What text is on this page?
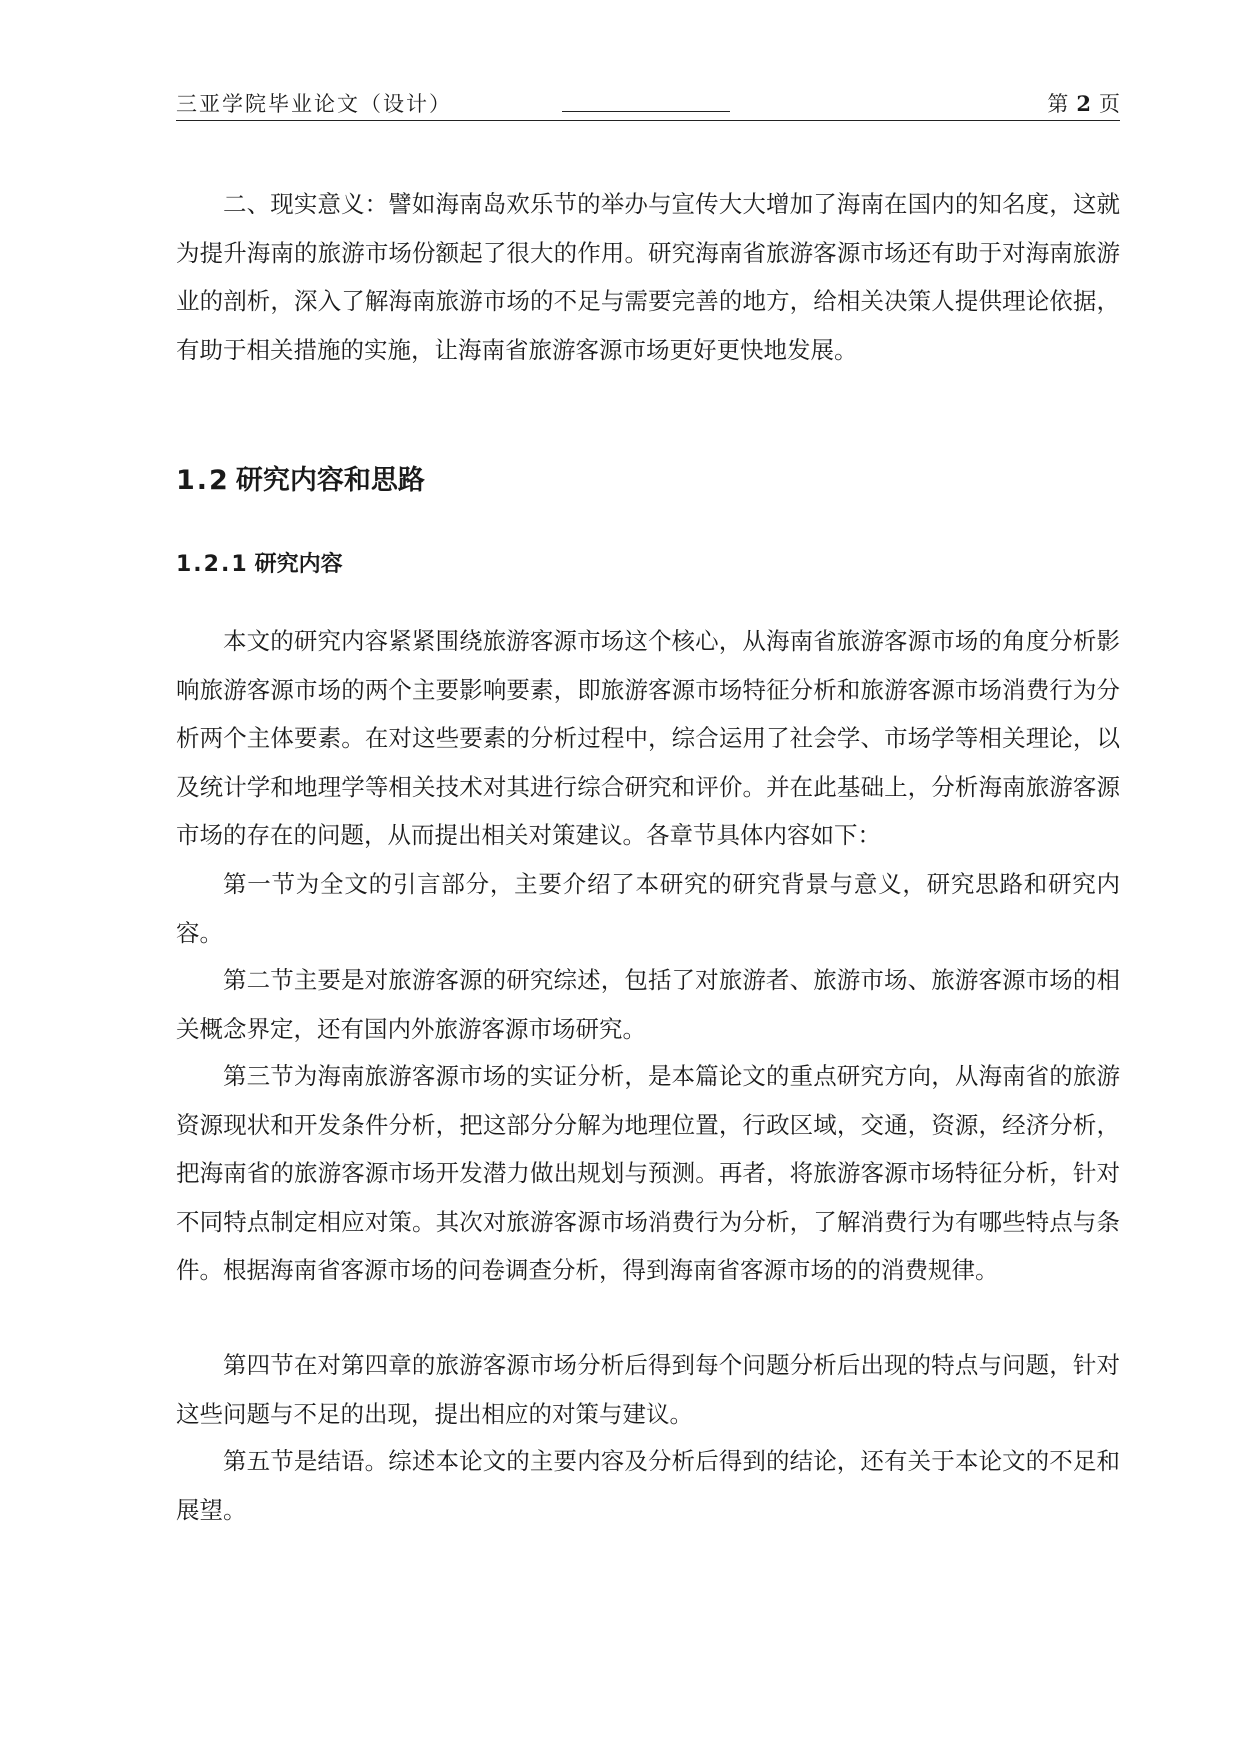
三亚学院毕业论文（设计）	第 2 页

二、现实意义：譬如海南岛欢乐节的举办与宣传大大增加了海南在国内的知名度，这就为提升海南的旅游市场份额起了很大的作用。研究海南省旅游客源市场还有助于对海南旅游业的剖析，深入了解海南旅游市场的不足与需要完善的地方，给相关决策人提供理论依据，有助于相关措施的实施，让海南省旅游客源市场更好更快地发展。

1.2 研究内容和思路
1.2.1 研究内容

本文的研究内容紧紧围绕旅游客源市场这个核心，从海南省旅游客源市场的角度分析影响旅游客源市场的两个主要影响要素，即旅游客源市场特征分析和旅游客源市场消费行为分析两个主体要素。在对这些要素的分析过程中，综合运用了社会学、市场学等相关理论，以及统计学和地理学等相关技术对其进行综合研究和评价。并在此基础上，分析海南旅游客源市场的存在的问题，从而提出相关对策建议。各章节具体内容如下：

第一节为全文的引言部分，主要介绍了本研究的研究背景与意义，研究思路和研究内容。

第二节主要是对旅游客源的研究综述，包括了对旅游者、旅游市场、旅游客源市场的相关概念界定，还有国内外旅游客源市场研究。

第三节为海南旅游客源市场的实证分析，是本篇论文的重点研究方向，从海南省的旅游资源现状和开发条件分析，把这部分分解为地理位置，行政区域，交通，资源，经济分析，把海南省的旅游客源市场开发潜力做出规划与预测。再者，将旅游客源市场特征分析，针对不同特点制定相应对策。其次对旅游客源市场消费行为分析，了解消费行为有哪些特点与条件。根据海南省客源市场的问卷调查分析，得到海南省客源市场的的消费规律。

第四节在对第四章的旅游客源市场分析后得到每个问题分析后出现的特点与问题，针对这些问题与不足的出现，提出相应的对策与建议。

第五节是结语。综述本论文的主要内容及分析后得到的结论，还有关于本论文的不足和展望。
